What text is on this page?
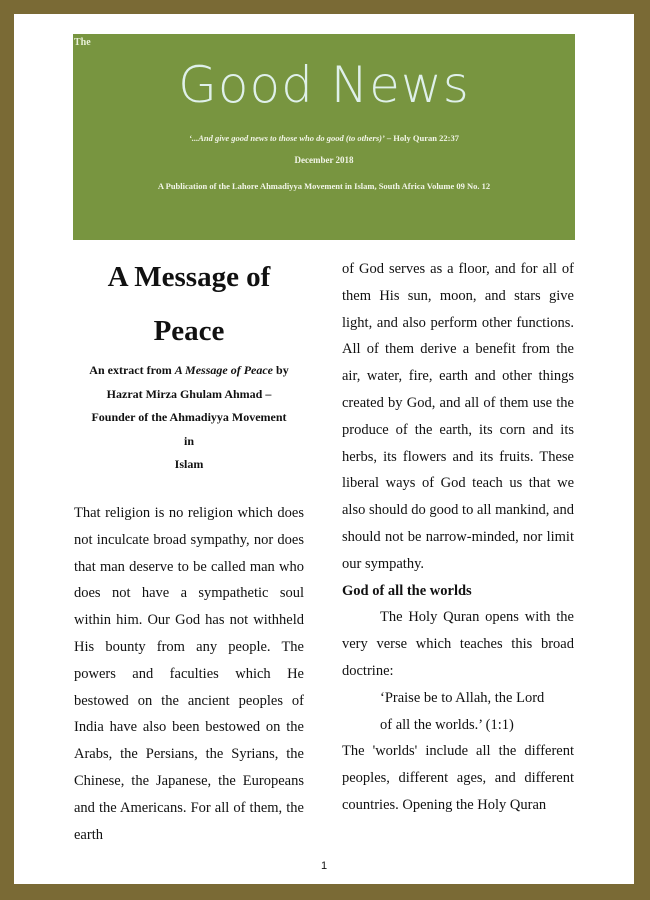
The
Good News
‘...And give good news to those who do good (to others)’ – Holy Quran 22:37
December 2018
A Publication of the Lahore Ahmadiyya Movement in Islam, South Africa Volume 09 No. 12

A Message of

Peace

An extract from A Message of Peace by
Hazrat Mirza Ghulam Ahmad –
Founder of the Ahmadiyya Movement
in
Islam

That religion is no religion which does not inculcate broad sympathy, nor does that man deserve to be called man who does not have a sympathetic soul within him. Our God has not withheld His bounty from any people. The powers and faculties which He bestowed on the ancient peoples of India have also been bestowed on the Arabs, the Persians, the Syrians, the Chinese, the Japanese, the Europeans and the Americans. For all of them, the earth

of God serves as a floor, and for all of them His sun, moon, and stars give light, and also perform other functions. All of them derive a benefit from the air, water, fire, earth and other things created by God, and all of them use the produce of the earth, its corn and its herbs, its flowers and its fruits. These liberal ways of God teach us that we also should do good to all mankind, and should not be narrow-minded, nor limit our sympathy.

God of all the worlds

The Holy Quran opens with the very verse which teaches this broad doctrine:

‘Praise be to Allah, the Lord

of all the worlds.’ (1:1)

The 'worlds' include all the different peoples, different ages, and different countries. Opening the Holy Quran

1
